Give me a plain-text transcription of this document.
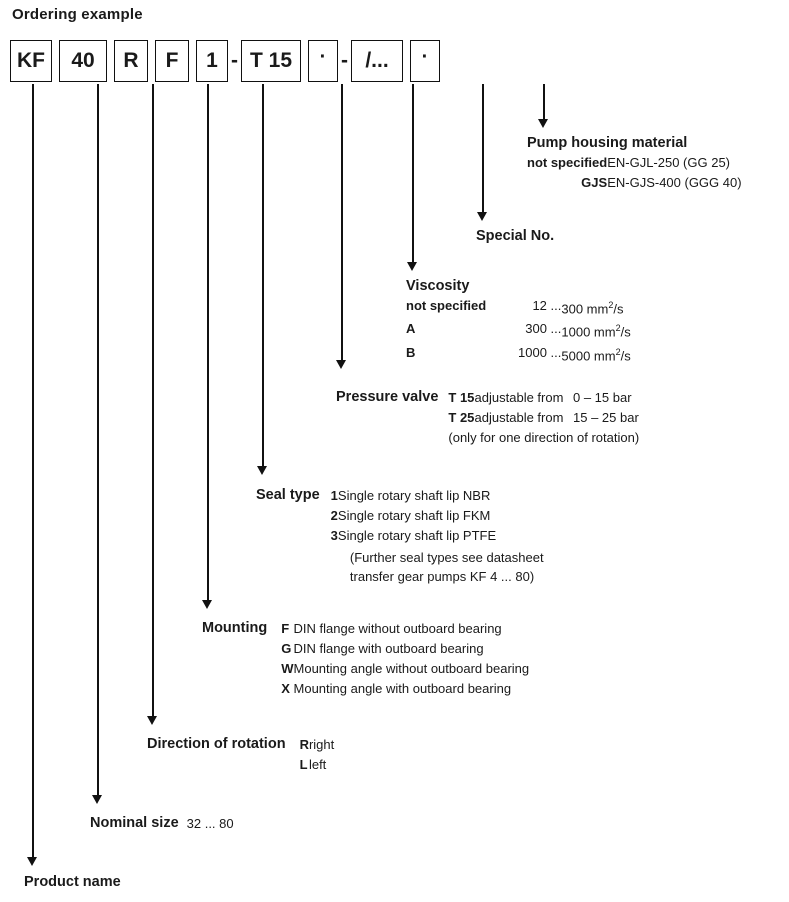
Ordering example
KF	40	R	F	1 - T 15	· - /...	·
Pump housing material
not specified	EN-GJL-250 (GG 25)
GJS	EN-GJS-400 (GGG 40)
Special No.
Viscosity
not specified	12 ...	300 $mm^2/s$
A	300 ...	1000 $mm^2/s$
B	1000 ...	5000 $mm^2/s$
Pressure valve	T 15	adjustable from	0 – 15 bar
	T 25	adjustable from	15 – 25 bar
	(only for one direction of rotation)		
Seal type	1	Single rotary shaft lip NBR
	2	Single rotary shaft lip FKM
	3	Single rotary shaft lip PTFE

		(Further seal types see datasheet
transfer gear pumps KF 4 ... 80)
Mounting	F	DIN flange without outboard bearing
	G	DIN flange with outboard bearing
	W	Mounting angle without outboard bearing
	X	Mounting angle with outboard bearing
Direction of rotation	R	right
	L	left
Nominal size	32 ... 80
Product name
